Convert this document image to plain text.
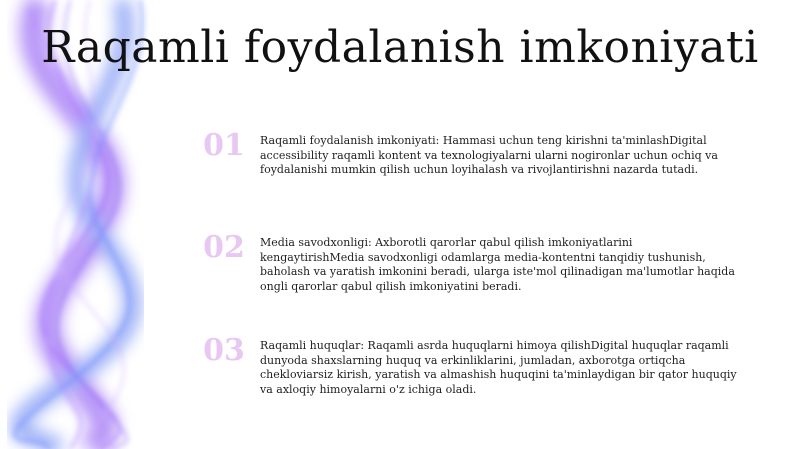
Raqamli foydalanish imkoniyati
01	Raqamli foydalanish imkoniyati: Hammasi uchun teng kirishni ta'minlashDigital accessibility raqamli kontent va texnologiyalarni ularni nogironlar uchun ochiq va foydalanishi mumkin qilish uchun loyihalash va rivojlantirishni nazarda tutadi.
02	Media savodxonligi: Axborotli qarorlar qabul qilish imkoniyatlarini kengaytirishMedia savodxonligi odamlarga media-kontentni tanqidiy tushunish, baholash va yaratish imkonini beradi, ularga iste'mol qilinadigan ma'lumotlar haqida ongli qarorlar qabul qilish imkoniyatini beradi.
03	Raqamli huquqlar: Raqamli asrda huquqlarni himoya qilishDigital huquqlar raqamli dunyoda shaxslarning huquq va erkinliklarini, jumladan, axborotga ortiqcha chekloviarsiz kirish, yaratish va almashish huquqini ta'minlaydigan bir qator huquqiy va axloqiy himoyalarni o'z ichiga oladi.
